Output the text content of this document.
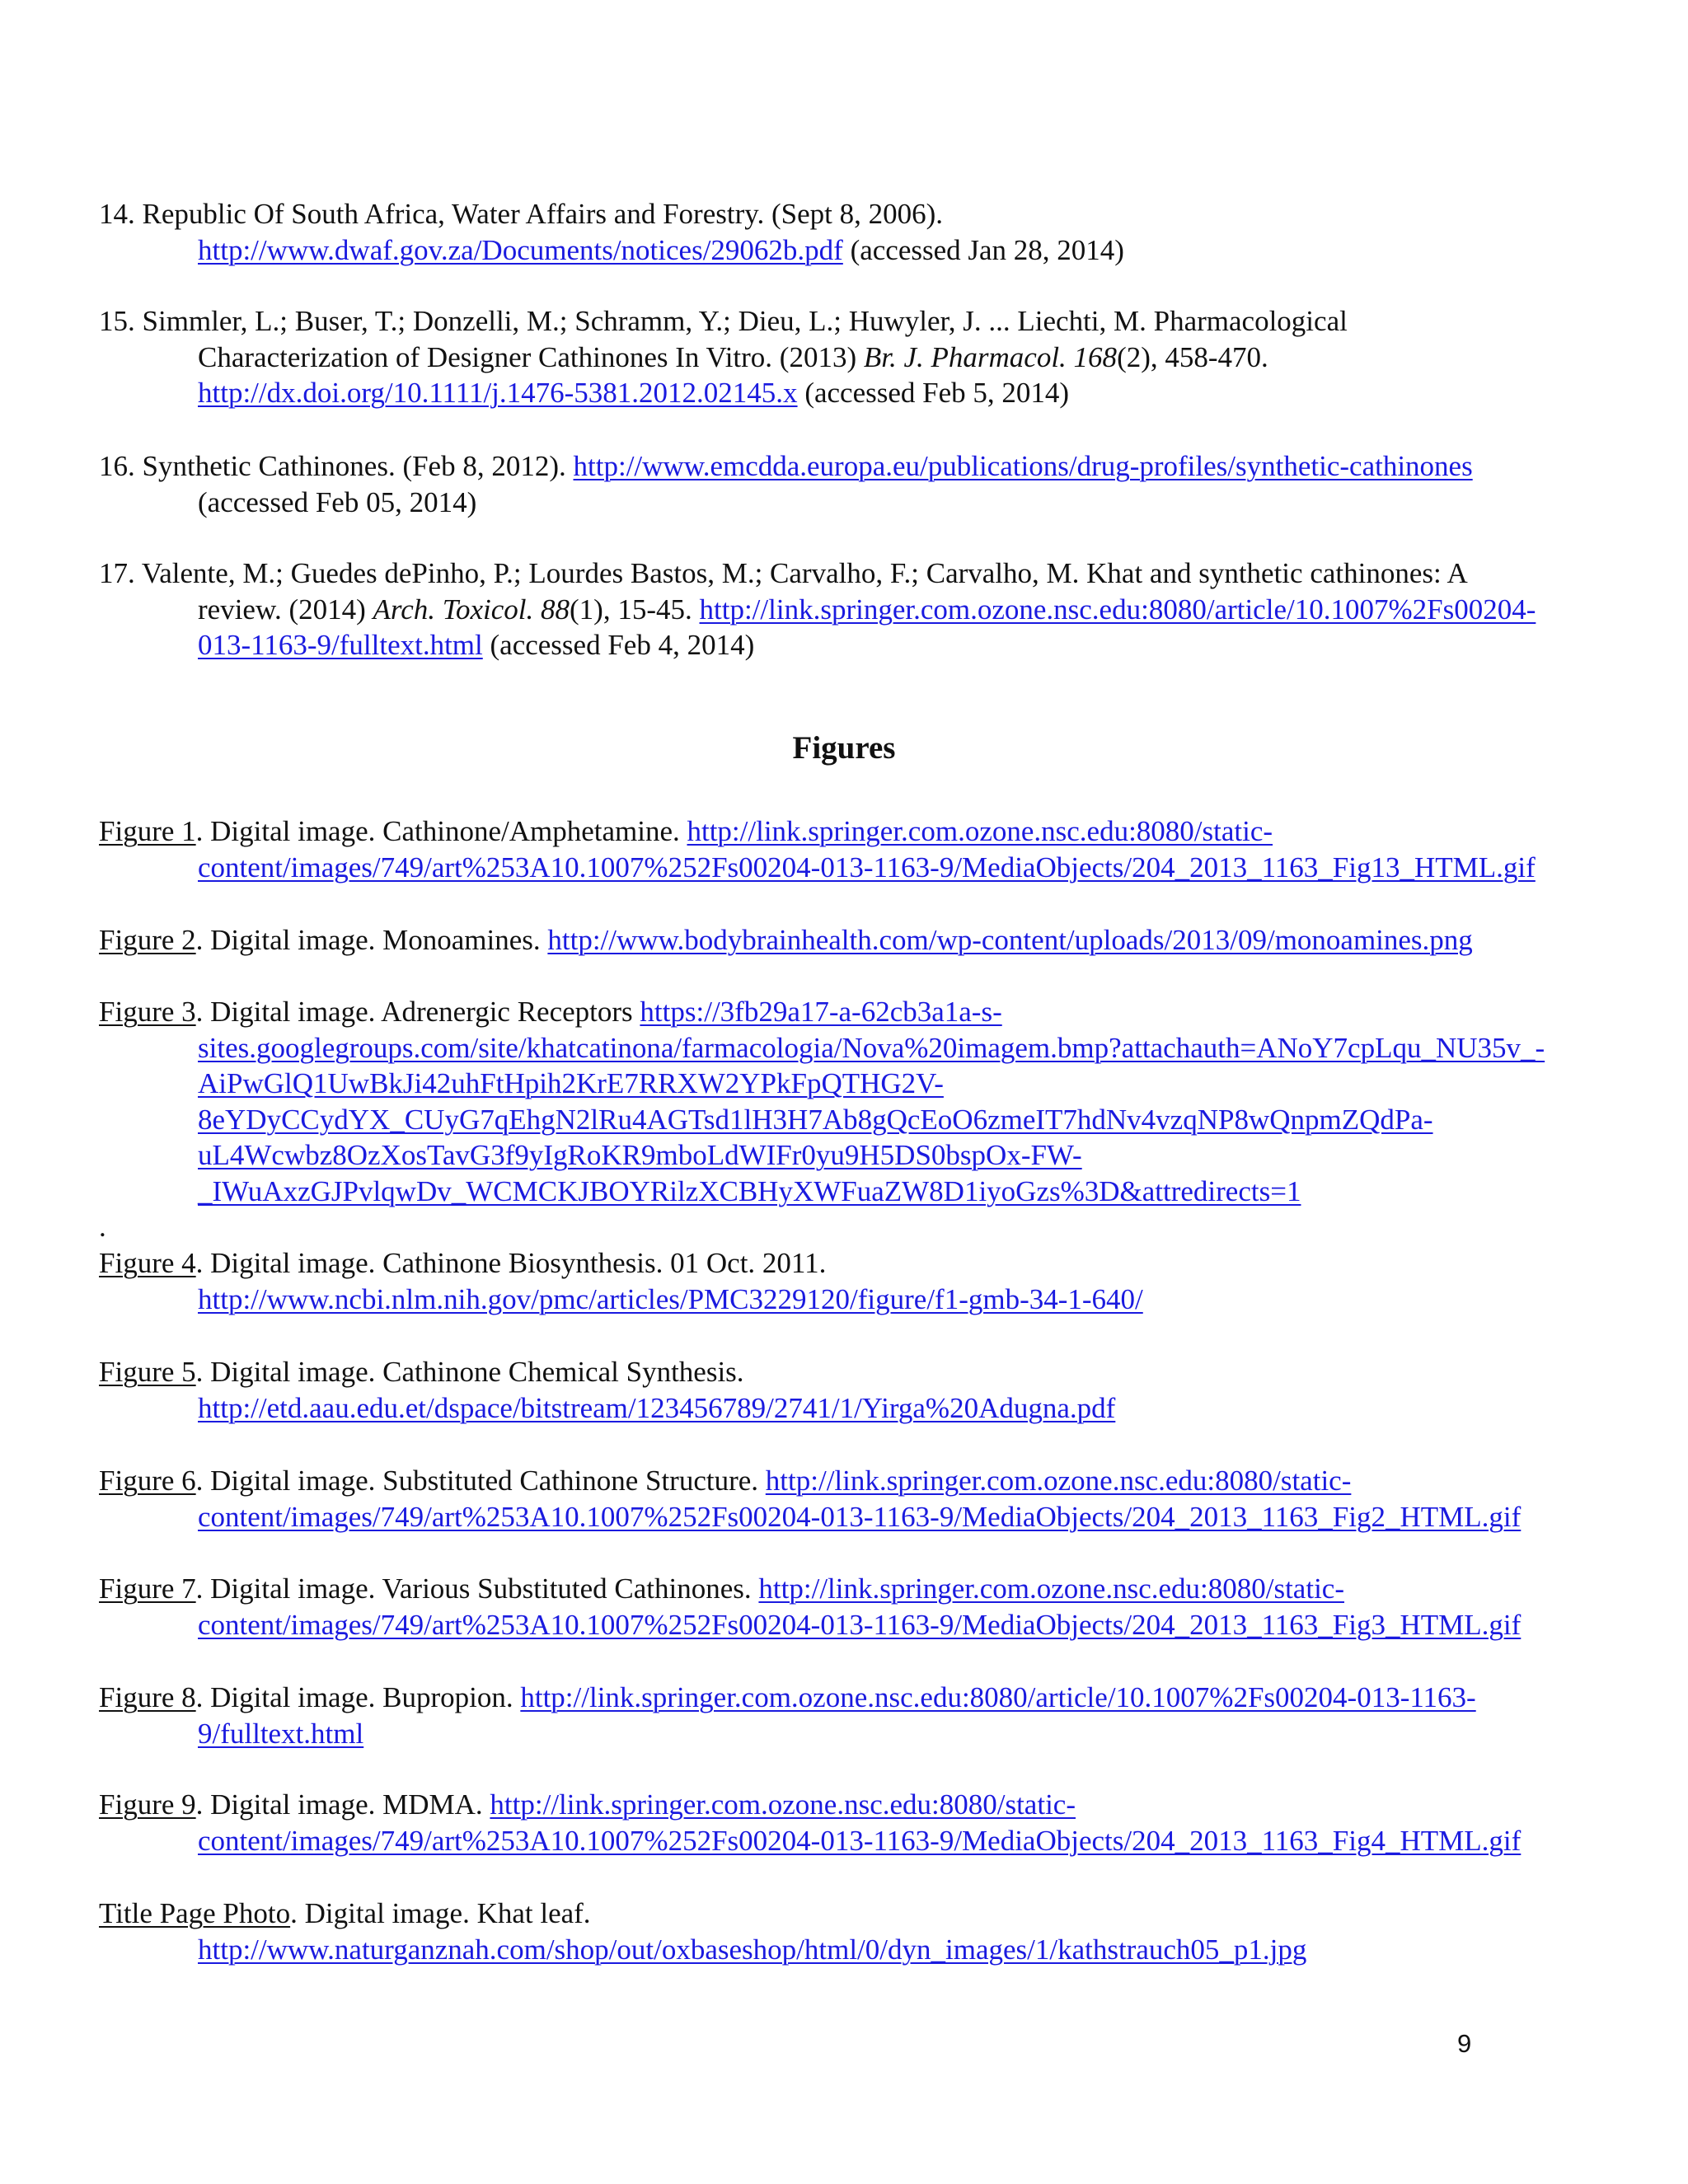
Figures
.
9
14. Republic Of South Africa, Water Affairs and Forestry. (Sept 8, 2006).
http://www.dwaf.gov.za/Documents/notices/29062b.pdf (accessed Jan 28, 2014)
15. Simmler, L.; Buser, T.; Donzelli, M.; Schramm, Y.; Dieu, L.; Huwyler, J. ... Liechti, M. Pharmacological
Characterization of Designer Cathinones In Vitro. (2013) Br. J. Pharmacol. 168(2), 458-470.
http://dx.doi.org/10.1111/j.1476-5381.2012.02145.x (accessed Feb 5, 2014)
16. Synthetic Cathinones. (Feb 8, 2012). http://www.emcdda.europa.eu/publications/drug-profiles/synthetic-cathinones
(accessed Feb 05, 2014)
17. Valente, M.; Guedes dePinho, P.; Lourdes Bastos, M.; Carvalho, F.; Carvalho, M. Khat and synthetic cathinones: A
review. (2014) Arch. Toxicol. 88(1), 15-45. http://link.springer.com.ozone.nsc.edu:8080/article/10.1007%2Fs00204-
013-1163-9/fulltext.html (accessed Feb 4, 2014)
Figure 1. Digital image. Cathinone/Amphetamine. http://link.springer.com.ozone.nsc.edu:8080/static-
content/images/749/art%253A10.1007%252Fs00204-013-1163-9/MediaObjects/204_2013_1163_Fig13_HTML.gif
Figure 2. Digital image. Monoamines. http://www.bodybrainhealth.com/wp-content/uploads/2013/09/monoamines.png
Figure 3. Digital image. Adrenergic Receptors https://3fb29a17-a-62cb3a1a-s-
sites.googlegroups.com/site/khatcatinona/farmacologia/Nova%20imagem.bmp?attachauth=ANoY7cpLqu_NU35v_-
AiPwGlQ1UwBkJi42uhFtHpih2KrE7RRXW2YPkFpQTHG2V-
8eYDyCCydYX_CUyG7qEhgN2lRu4AGTsd1lH3H7Ab8gQcEoO6zmeIT7hdNv4vzqNP8wQnpmZQdPa-
uL4Wcwbz8OzXosTavG3f9yIgRoKR9mboLdWIFr0yu9H5DS0bspOx-FW-
_IWuAxzGJPvlqwDv_WCMCKJBOYRilzXCBHyXWFuaZW8D1iyoGzs%3D&attredirects=1
Figure 4. Digital image. Cathinone Biosynthesis. 01 Oct. 2011.
http://www.ncbi.nlm.nih.gov/pmc/articles/PMC3229120/figure/f1-gmb-34-1-640/
Figure 5. Digital image. Cathinone Chemical Synthesis.
http://etd.aau.edu.et/dspace/bitstream/123456789/2741/1/Yirga%20Adugna.pdf
Figure 6. Digital image. Substituted Cathinone Structure. http://link.springer.com.ozone.nsc.edu:8080/static-
content/images/749/art%253A10.1007%252Fs00204-013-1163-9/MediaObjects/204_2013_1163_Fig2_HTML.gif
Figure 7. Digital image. Various Substituted Cathinones. http://link.springer.com.ozone.nsc.edu:8080/static-
content/images/749/art%253A10.1007%252Fs00204-013-1163-9/MediaObjects/204_2013_1163_Fig3_HTML.gif
Figure 8. Digital image. Bupropion. http://link.springer.com.ozone.nsc.edu:8080/article/10.1007%2Fs00204-013-1163-
9/fulltext.html
Figure 9. Digital image. MDMA. http://link.springer.com.ozone.nsc.edu:8080/static-
content/images/749/art%253A10.1007%252Fs00204-013-1163-9/MediaObjects/204_2013_1163_Fig4_HTML.gif
Title Page Photo. Digital image. Khat leaf.
http://www.naturganznah.com/shop/out/oxbaseshop/html/0/dyn_images/1/kathstrauch05_p1.jpg
